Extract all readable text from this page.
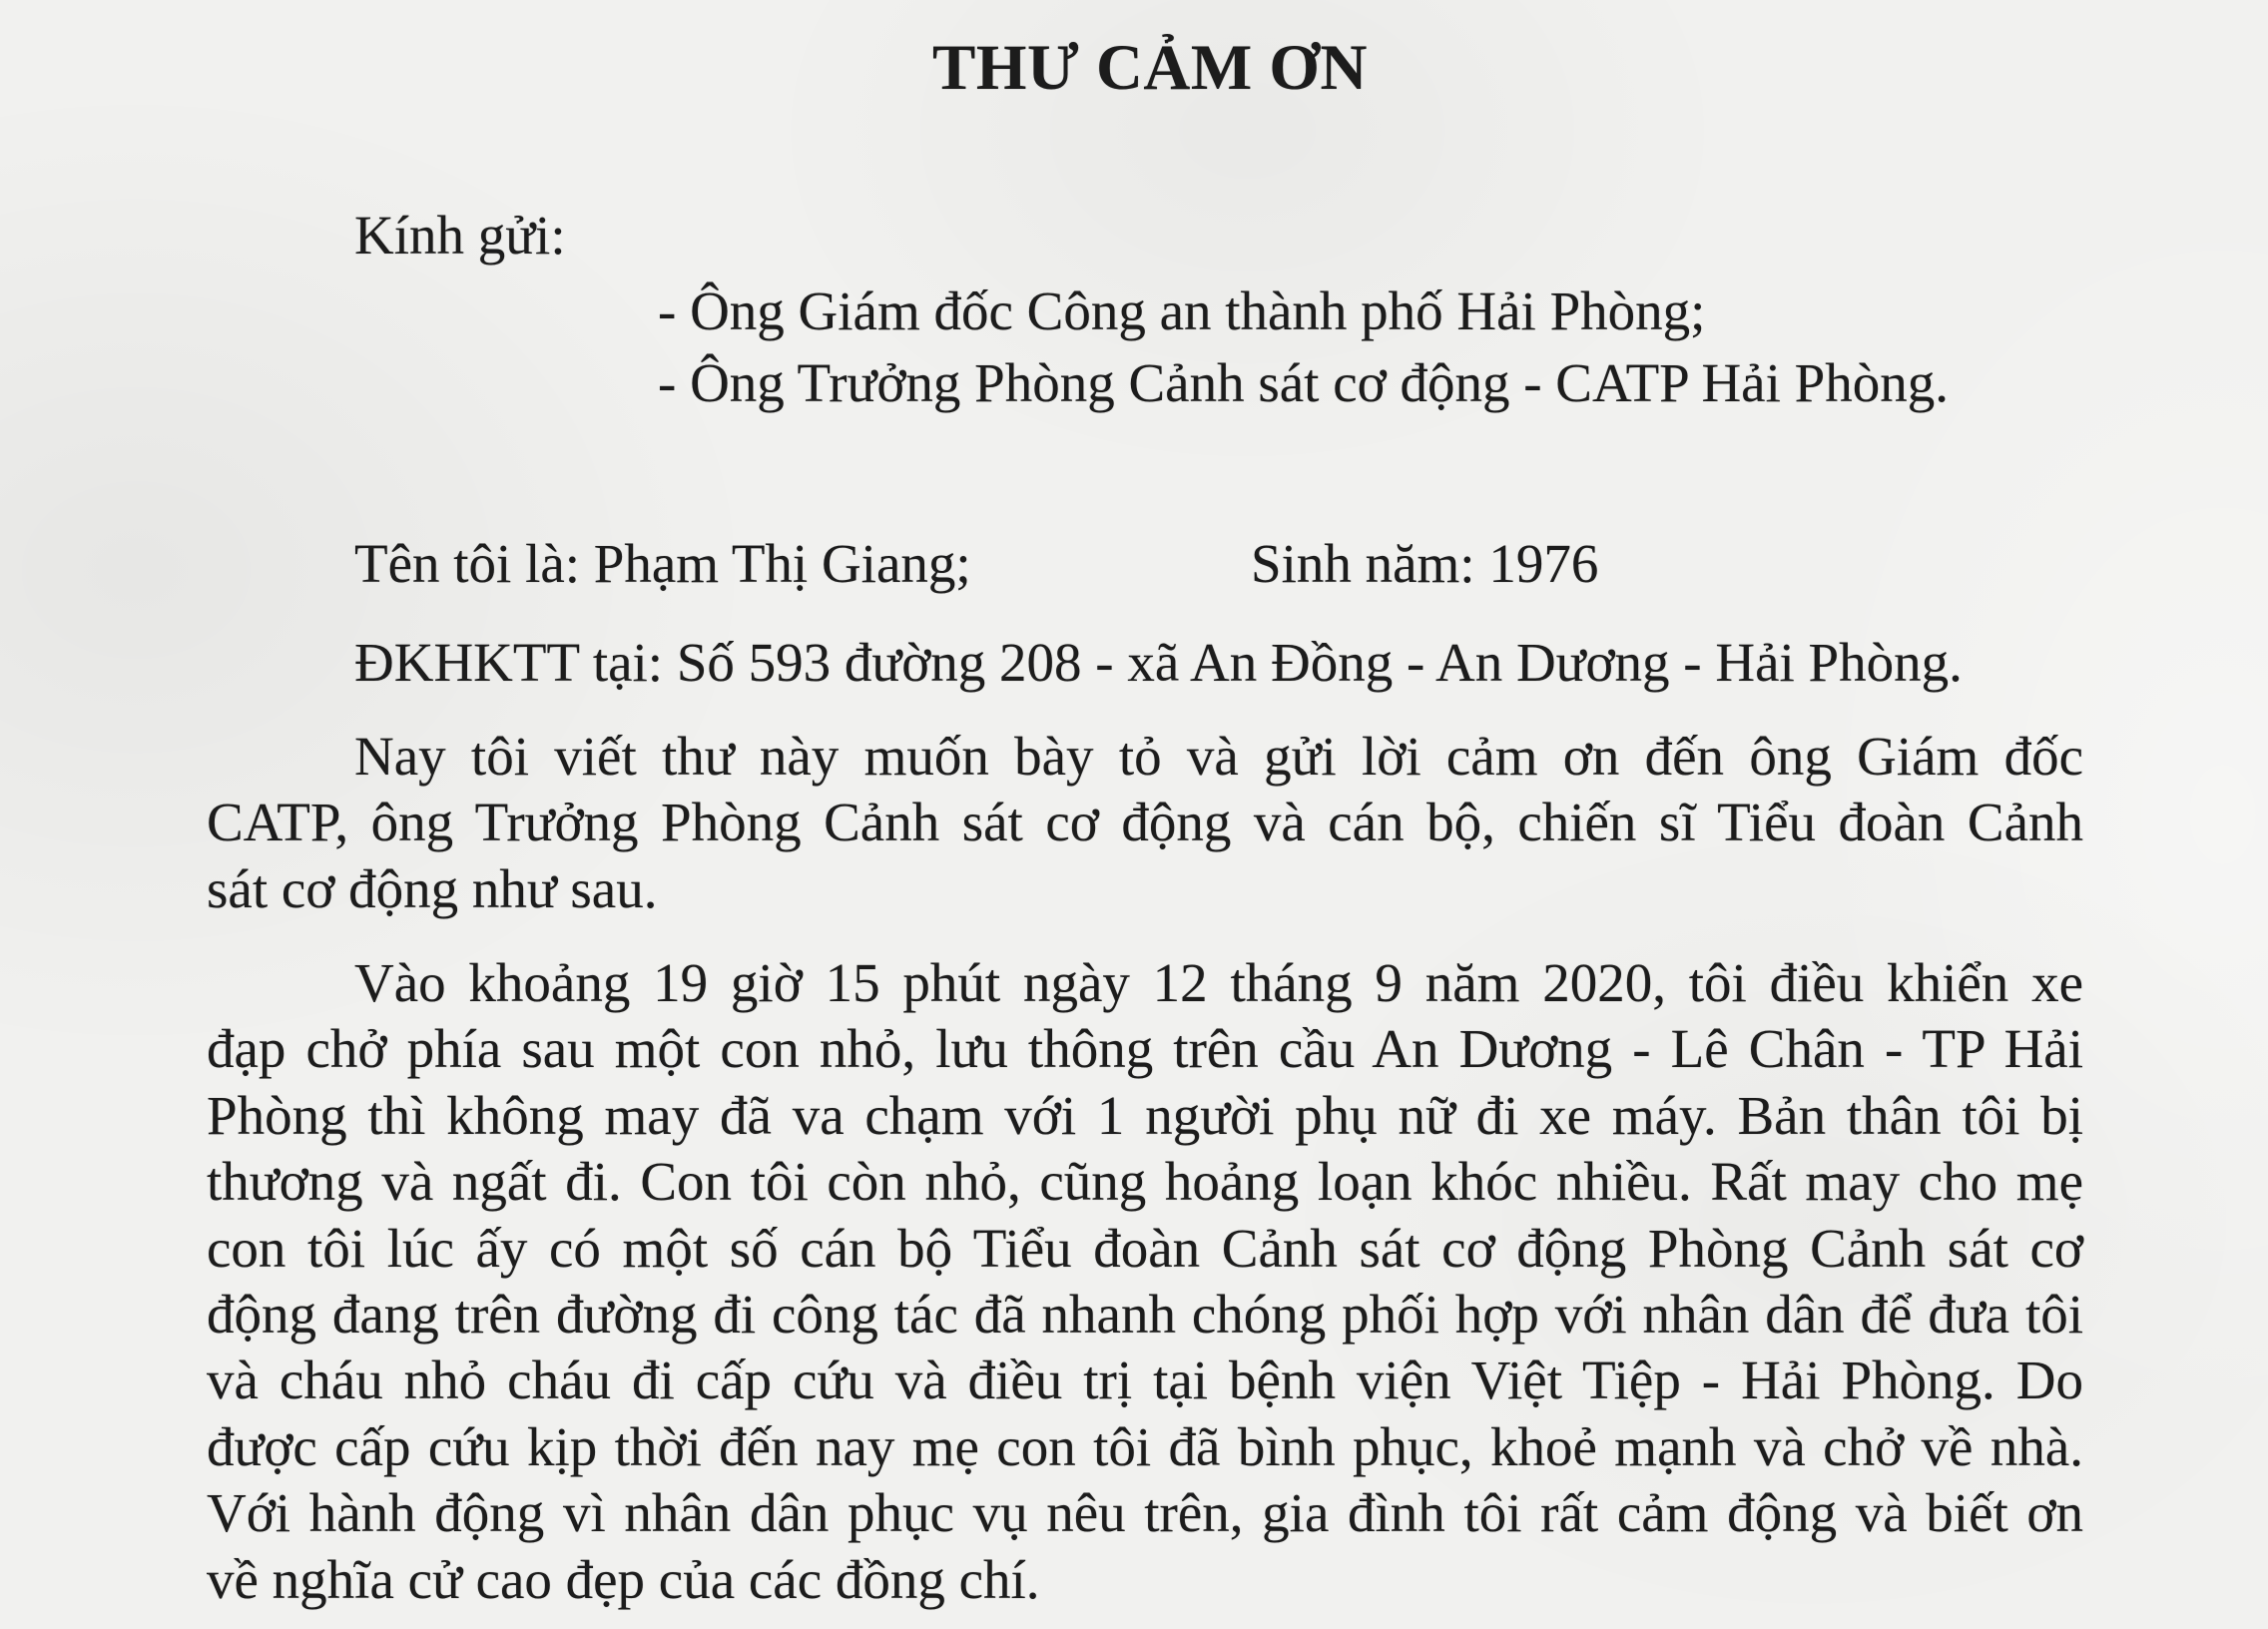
THƯ CẢM ƠN
Kính gửi:
- Ông Giám đốc Công an thành phố Hải Phòng;
- Ông Trưởng Phòng Cảnh sát cơ động - CATP Hải Phòng.
Tên tôi là: Phạm Thị Giang;	Sinh năm: 1976
ĐKHKTT tại: Số 593 đường 208 - xã An Đồng - An Dương - Hải Phòng.
Nay tôi viết thư này muốn bày tỏ và gửi lời cảm ơn đến ông Giám đốc
CATP, ông Trưởng Phòng Cảnh sát cơ động và cán bộ, chiến sĩ Tiểu đoàn Cảnh
sát cơ động như sau.
Vào khoảng 19 giờ 15 phút ngày 12 tháng 9 năm 2020, tôi điều khiển xe
đạp chở phía sau một con nhỏ, lưu thông trên cầu An Dương - Lê Chân - TP Hải
Phòng thì không may đã va chạm với 1 người phụ nữ đi xe máy. Bản thân tôi bị
thương và ngất đi. Con tôi còn nhỏ, cũng hoảng loạn khóc nhiều. Rất may cho mẹ
con tôi lúc ấy có một số cán bộ Tiểu đoàn Cảnh sát cơ động Phòng Cảnh sát cơ
động đang trên đường đi công tác đã nhanh chóng phối hợp với nhân dân để đưa tôi
và cháu nhỏ cháu đi cấp cứu và điều trị tại bệnh viện Việt Tiệp - Hải Phòng. Do
được cấp cứu kịp thời đến nay mẹ con tôi đã bình phục, khoẻ mạnh và chở về nhà.
Với hành động vì nhân dân phục vụ nêu trên, gia đình tôi rất cảm động và biết ơn
về nghĩa cử cao đẹp của các đồng chí.
